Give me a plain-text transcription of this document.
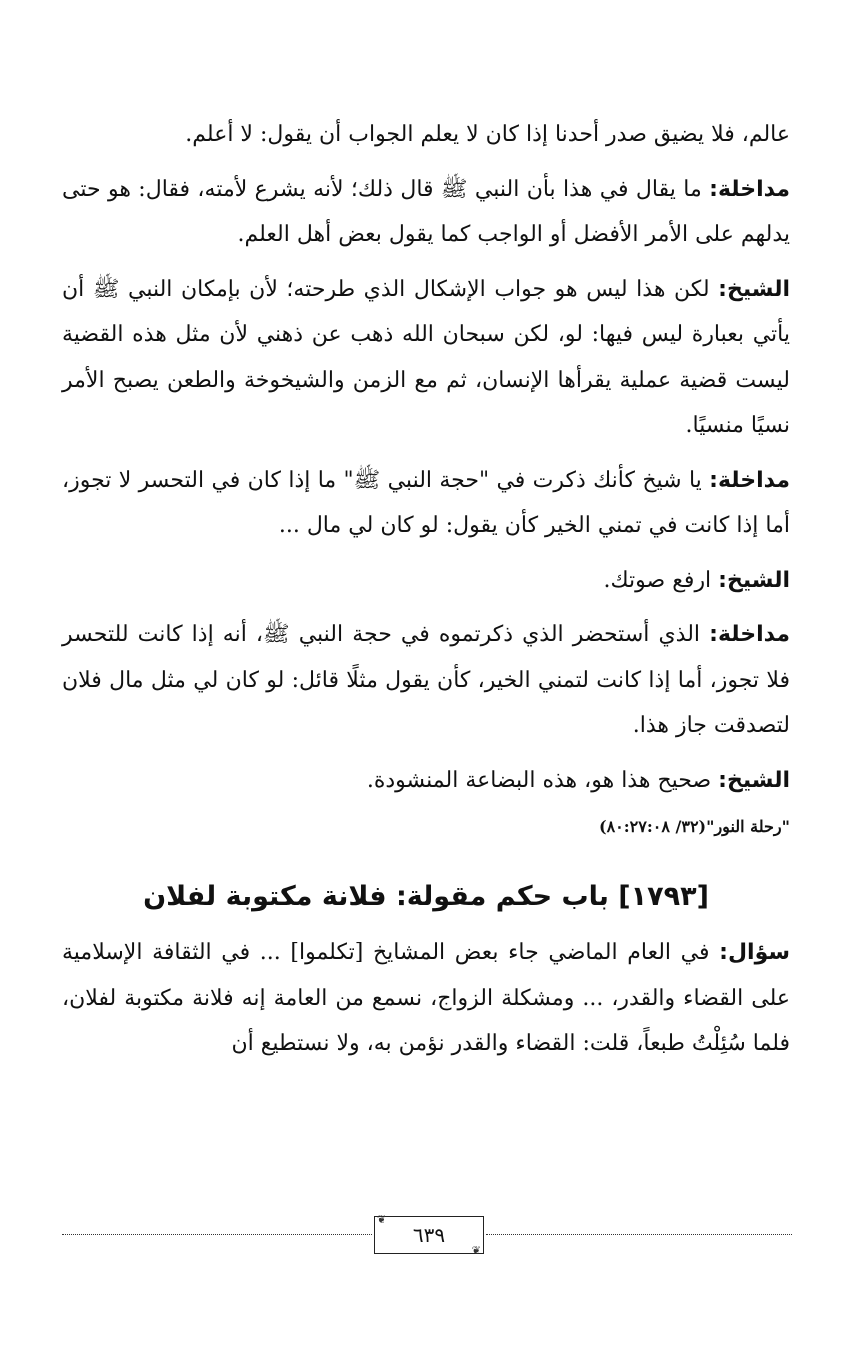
عالم، فلا يضيق صدر أحدنا إذا كان لا يعلم الجواب أن يقول: لا أعلم.

مداخلة: ما يقال في هذا بأن النبي ﷺ قال ذلك؛ لأنه يشرع لأمته، فقال: هو حتى يدلهم على الأمر الأفضل أو الواجب كما يقول بعض أهل العلم.

الشيخ: لكن هذا ليس هو جواب الإشكال الذي طرحته؛ لأن بإمكان النبي ﷺ أن يأتي بعبارة ليس فيها: لو، لكن سبحان الله ذهب عن ذهني لأن مثل هذه القضية ليست قضية عملية يقرأها الإنسان، ثم مع الزمن والشيخوخة والطعن يصبح الأمر نسيًا منسيًا.

مداخلة: يا شيخ كأنك ذكرت في "حجة النبي ﷺ" ما إذا كان في التحسر لا تجوز، أما إذا كانت في تمني الخير كأن يقول: لو كان لي مال ...

الشيخ: ارفع صوتك.

مداخلة: الذي أستحضر الذي ذكرتموه في حجة النبي ﷺ، أنه إذا كانت للتحسر فلا تجوز، أما إذا كانت لتمني الخير، كأن يقول مثلًا قائل: لو كان لي مثل مال فلان لتصدقت جاز هذا.

الشيخ: صحيح هذا هو، هذه البضاعة المنشودة.

"رحلة النور"(٣٢/ ٨٠:٢٧:٠٨)

[١٧٩٣] باب حكم مقولة: فلانة مكتوبة لفلان

سؤال: في العام الماضي جاء بعض المشايخ [تكلموا] ... في الثقافة الإسلامية على القضاء والقدر، ... ومشكلة الزواج، نسمع من العامة إنه فلانة مكتوبة لفلان، فلما سُئِلْتُ طبعاً، قلت: القضاء والقدر نؤمن به، ولا نستطيع أن

❦
٦٣٩
❦
